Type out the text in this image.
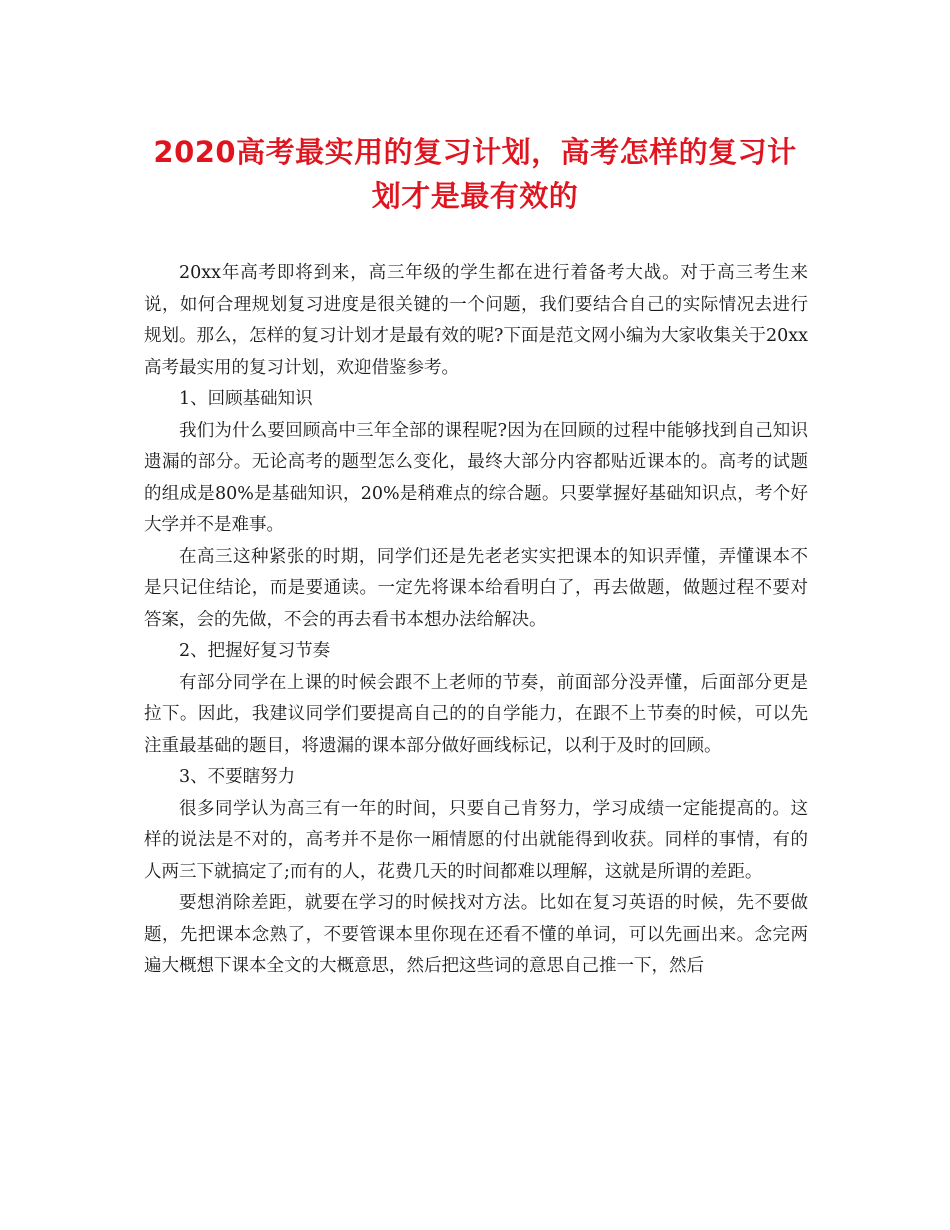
2020高考最实用的复习计划，高考怎样的复习计划才是最有效的

20xx年高考即将到来，高三年级的学生都在进行着备考大战。对于高三考生来说，如何合理规划复习进度是很关键的一个问题，我们要结合自己的实际情况去进行规划。那么，怎样的复习计划才是最有效的呢?下面是范文网小编为大家收集关于20xx高考最实用的复习计划，欢迎借鉴参考。

1、回顾基础知识

我们为什么要回顾高中三年全部的课程呢?因为在回顾的过程中能够找到自己知识遗漏的部分。无论高考的题型怎么变化，最终大部分内容都贴近课本的。高考的试题的组成是80%是基础知识，20%是稍难点的综合题。只要掌握好基础知识点，考个好大学并不是难事。

在高三这种紧张的时期，同学们还是先老老实实把课本的知识弄懂，弄懂课本不是只记住结论，而是要通读。一定先将课本给看明白了，再去做题，做题过程不要对答案，会的先做，不会的再去看书本想办法给解决。

2、把握好复习节奏

有部分同学在上课的时候会跟不上老师的节奏，前面部分没弄懂，后面部分更是拉下。因此，我建议同学们要提高自己的的自学能力，在跟不上节奏的时候，可以先注重最基础的题目，将遗漏的课本部分做好画线标记，以利于及时的回顾。

3、不要瞎努力

很多同学认为高三有一年的时间，只要自己肯努力，学习成绩一定能提高的。这样的说法是不对的，高考并不是你一厢情愿的付出就能得到收获。同样的事情，有的人两三下就搞定了;而有的人，花费几天的时间都难以理解，这就是所谓的差距。

要想消除差距，就要在学习的时候找对方法。比如在复习英语的时候，先不要做题，先把课本念熟了，不要管课本里你现在还看不懂的单词，可以先画出来。念完两遍大概想下课本全文的大概意思，然后把这些词的意思自己推一下，然后
